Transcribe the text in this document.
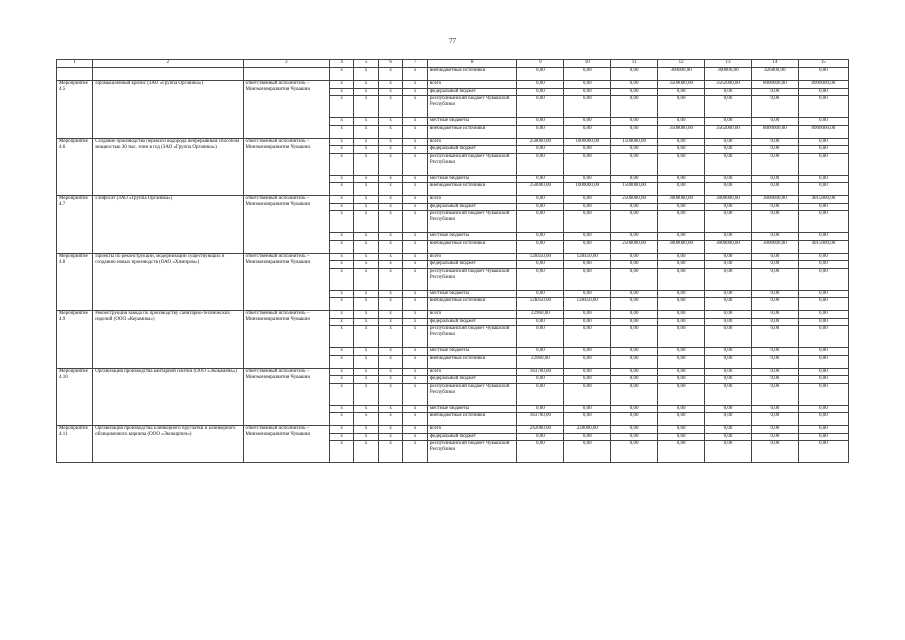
77
1	2	3	4	5	6	7	8	9	10	11	12	13	14	15
			х	х	х	х	внебюджетные источники	0,00	0,00	0,00	300000,00	300000,00	426000,00	0,00
Мероприятие 4.5	Промышленный кризис (ЗАО «Группа Органика»)	ответственный исполнитель – Минэкономразвития Чувашии	х	х	х	х	всего	0,00	0,00	0,00	3500000,00	3562000,00	8000000,00	8900000,00
			х	х	х	х	федеральный бюджет	0,00	0,00	0,00	0,00	0,00	0,00	0,00
			х	х	х	х	республиканский бюджет Чувашской Республики	0,00	0,00	0,00	0,00	0,00	0,00	0,00
			х	х	х	х	местные бюджеты	0,00	0,00	0,00	0,00	0,00	0,00	0,00
			х	х	х	х	внебюджетные источники	0,00	0,00	0,00	3500000,00	3562000,00	8000000,00	8900000,00
Мероприятие 4.6	Создание производства перекиси водорода непрерывным способом мощностью 30 тыс. тонн в год (ЗАО «Группа Органика»)	ответственный исполнитель – Минэкономразвития Чувашии	х	х	х	х	всего	250000,00	1000000,00	1500000,00	0,00	0,00	0,00	0,00
			х	х	х	х	федеральный бюджет	0,00	0,00	0,00	0,00	0,00	0,00	0,00
			х	х	х	х	республиканский бюджет Чувашской Республики	0,00	0,00	0,00	0,00	0,00	0,00	0,00
			х	х	х	х	местные бюджеты	0,00	0,00	0,00	0,00	0,00	0,00	0,00
			х	х	х	х	внебюджетные источники	250000,00	1000000,00	1500000,00	0,00	0,00	0,00	0,00
Мероприятие 4.7	Глифосат (ЗАО «Группа Органика»)	ответственный исполнитель – Минэкономразвития Чувашии	х	х	х	х	всего	0,00	0,00	2500000,00	3000000,00	3000000,00	3000000,00	4015000,00
			х	х	х	х	федеральный бюджет	0,00	0,00	0,00	0,00	0,00	0,00	0,00
			х	х	х	х	республиканский бюджет Чувашской Республики	0,00	0,00	0,00	0,00	0,00	0,00	0,00
			х	х	х	х	местные бюджеты	0,00	0,00	0,00	0,00	0,00	0,00	0,00
			х	х	х	х	внебюджетные источники	0,00	0,00	2500000,00	3000000,00	3000000,00	3000000,00	4015000,00
Мероприятие 4.8	Проекты по реконструкции, модернизации существующих и созданию новых производств (ОАО «Химпром»)	ответственный исполнитель – Минэкономразвития Чувашии	х	х	х	х	всего	128450,00	128450,00	0,00	0,00	0,00	0,00	0,00
			х	х	х	х	федеральный бюджет	0,00	0,00	0,00	0,00	0,00	0,00	0,00
			х	х	х	х	республиканский бюджет Чувашской Республики	0,00	0,00	0,00	0,00	0,00	0,00	0,00
			х	х	х	х	местные бюджеты	0,00	0,00	0,00	0,00	0,00	0,00	0,00
			х	х	х	х	внебюджетные источники	128450,00	128450,00	0,00	0,00	0,00	0,00	0,00
Мероприятие 4.9	Реконструкция завода по производству санитарно-технических изделий (ООО «Керамика»)	ответственный исполнитель – Минэкономразвития Чувашии	х	х	х	х	всего	22960,00	0,00	0,00	0,00	0,00	0,00	0,00
			х	х	х	х	федеральный бюджет	0,00	0,00	0,00	0,00	0,00	0,00	0,00
			х	х	х	х	республиканский бюджет Чувашской Республики	0,00	0,00	0,00	0,00	0,00	0,00	0,00
			х	х	х	х	местные бюджеты	0,00	0,00	0,00	0,00	0,00	0,00	0,00
			х	х	х	х	внебюджетные источники	22960,00	0,00	0,00	0,00	0,00	0,00	0,00
Мероприятие 4.10	Организация производства кантарной плитки (ООО «Экокамень»)	ответственный исполнитель – Минэкономразвития Чувашии	х	х	х	х	всего	183700,00	0,00	0,00	0,00	0,00	0,00	0,00
			х	х	х	х	федеральный бюджет	0,00	0,00	0,00	0,00	0,00	0,00	0,00
			х	х	х	х	республиканский бюджет Чувашской Республики	0,00	0,00	0,00	0,00	0,00	0,00	0,00
			х	х	х	х	местные бюджеты	0,00	0,00	0,00	0,00	0,00	0,00	0,00
			х	х	х	х	внебюджетные источники	183700,00	0,00	0,00	0,00	0,00	0,00	0,00
Мероприятие 4.11	Организация производства клинкерного брусчатки и клинкерного облицовочного кирпича (ООО «Экокирпич»)	ответственный исполнитель – Минэкономразвития Чувашии	х	х	х	х	всего	242000,00	228000,00	0,00	0,00	0,00	0,00	0,00
			х	х	х	х	федеральный бюджет	0,00	0,00	0,00	0,00	0,00	0,00	0,00
			х	х	х	х	республиканский бюджет Чувашской Республики	0,00	0,00	0,00	0,00	0,00	0,00	0,00
